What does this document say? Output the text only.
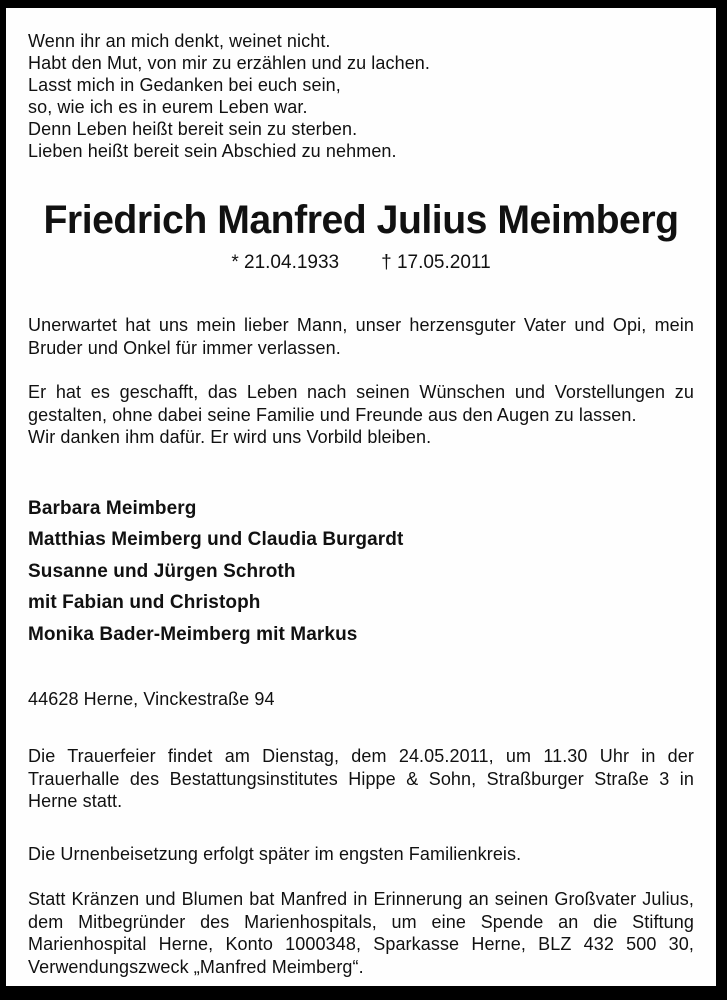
Wenn ihr an mich denkt, weinet nicht.
Habt den Mut, von mir zu erzählen und zu lachen.
Lasst mich in Gedanken bei euch sein,
so, wie ich es in eurem Leben war.
Denn Leben heißt bereit sein zu sterben.
Lieben heißt bereit sein Abschied zu nehmen.
Friedrich Manfred Julius Meimberg
* 21.04.1933 † 17.05.2011
Unerwartet hat uns mein lieber Mann, unser herzensguter Vater und Opi, mein Bruder und Onkel für immer verlassen.
Er hat es geschafft, das Leben nach seinen Wünschen und Vorstellungen zu gestalten, ohne dabei seine Familie und Freunde aus den Augen zu lassen.
Wir danken ihm dafür. Er wird uns Vorbild bleiben.
Barbara Meimberg
Matthias Meimberg und Claudia Burgardt
Susanne und Jürgen Schroth
mit Fabian und Christoph
Monika Bader-Meimberg mit Markus
44628 Herne, Vinckestraße 94
Die Trauerfeier findet am Dienstag, dem 24.05.2011, um 11.30 Uhr in der Trauerhalle des Bestattungsinstitutes Hippe & Sohn, Straßburger Straße 3 in Herne statt.
Die Urnenbeisetzung erfolgt später im engsten Familienkreis.
Statt Kränzen und Blumen bat Manfred in Erinnerung an seinen Großvater Julius, dem Mitbegründer des Marienhospitals, um eine Spende an die Stiftung Marienhospital Herne, Konto 1000348, Sparkasse Herne, BLZ 432 500 30, Verwendungszweck „Manfred Meimberg“.
